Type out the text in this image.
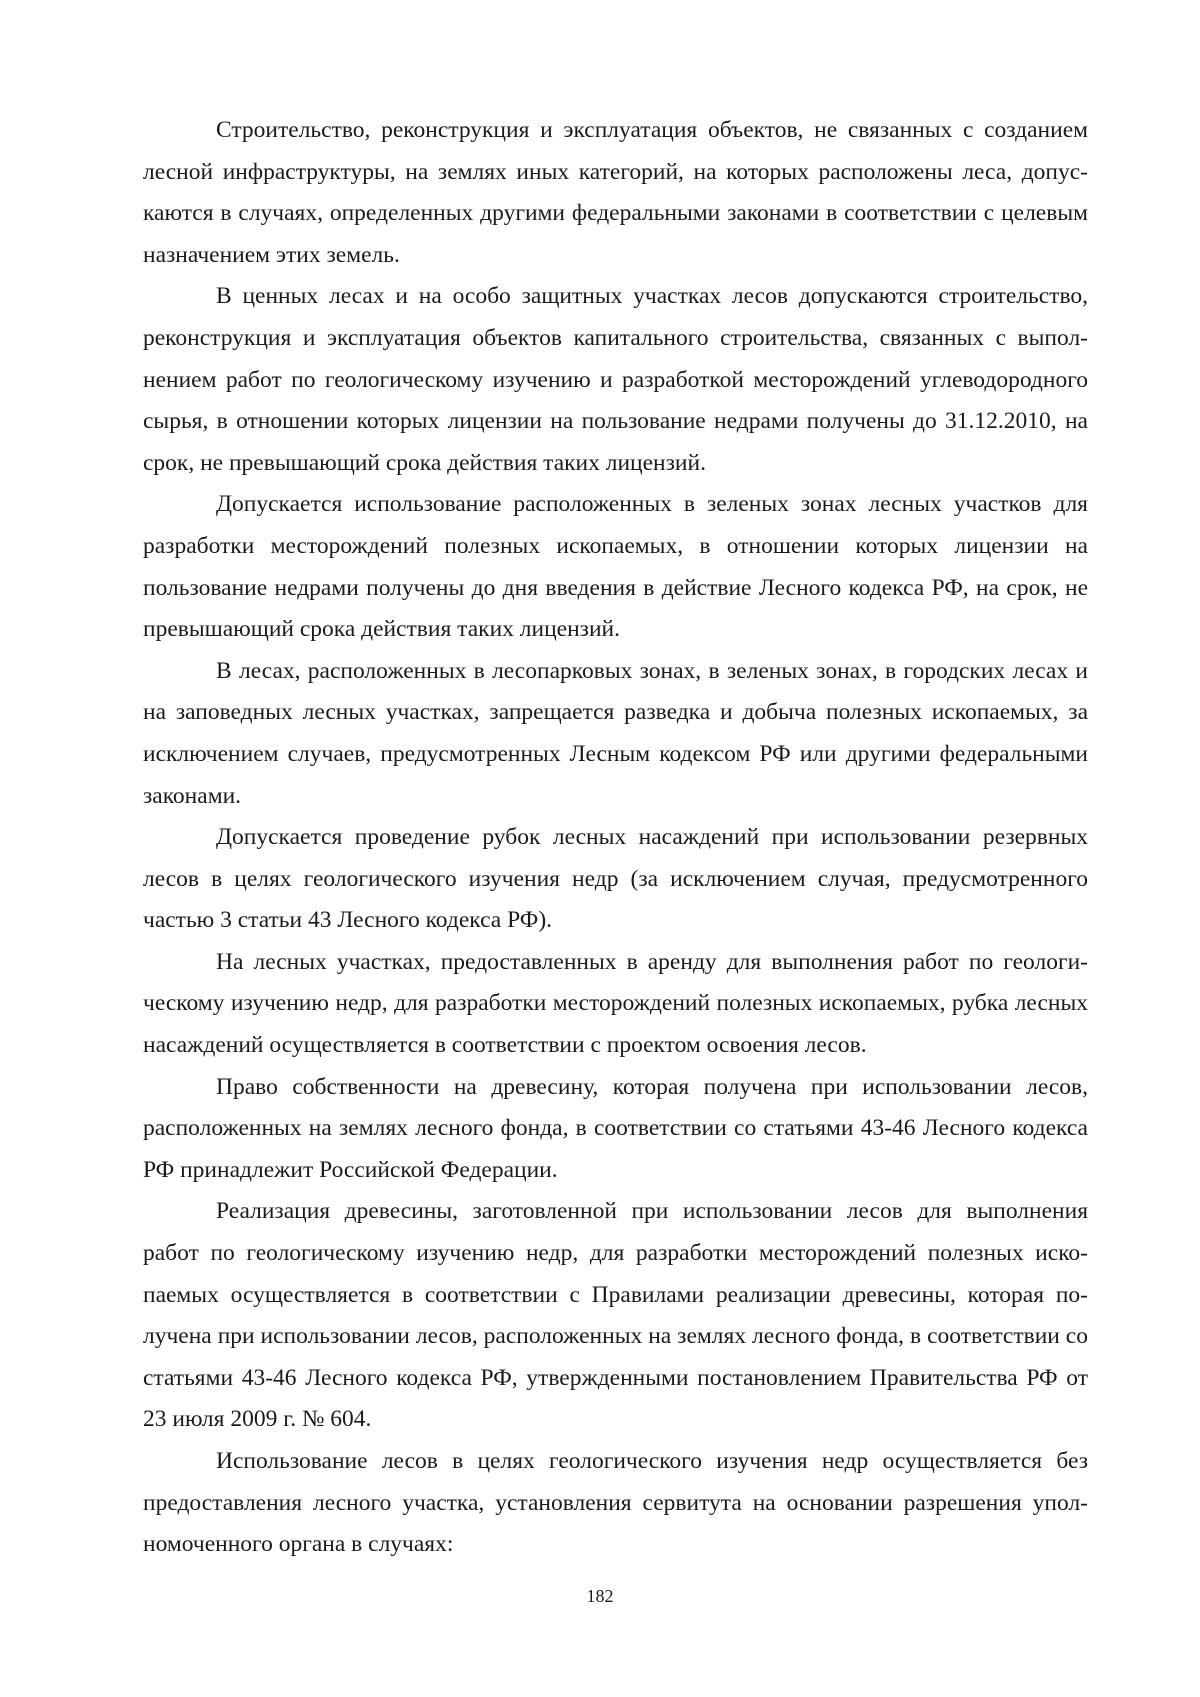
Строительство, реконструкция и эксплуатация объектов, не связанных с созданием лесной инфраструктуры, на землях иных категорий, на которых расположены леса, допускаются в случаях, определенных другими федеральными законами в соответствии с целевым назначением этих земель.

В ценных лесах и на особо защитных участках лесов допускаются строительство, реконструкция и эксплуатация объектов капитального строительства, связанных с выполнением работ по геологическому изучению и разработкой месторождений углеводородного сырья, в отношении которых лицензии на пользование недрами получены до 31.12.2010, на срок, не превышающий срока действия таких лицензий.

Допускается использование расположенных в зеленых зонах лесных участков для разработки месторождений полезных ископаемых, в отношении которых лицензии на пользование недрами получены до дня введения в действие Лесного кодекса РФ, на срок, не превышающий срока действия таких лицензий.

В лесах, расположенных в лесопарковых зонах, в зеленых зонах, в городских лесах и на заповедных лесных участках, запрещается разведка и добыча полезных ископаемых, за исключением случаев, предусмотренных Лесным кодексом РФ или другими федеральными законами.

Допускается проведение рубок лесных насаждений при использовании резервных лесов в целях геологического изучения недр (за исключением случая, предусмотренного частью 3 статьи 43 Лесного кодекса РФ).

На лесных участках, предоставленных в аренду для выполнения работ по геологическому изучению недр, для разработки месторождений полезных ископаемых, рубка лесных насаждений осуществляется в соответствии с проектом освоения лесов.

Право собственности на древесину, которая получена при использовании лесов, расположенных на землях лесного фонда, в соответствии со статьями 43-46 Лесного кодекса РФ принадлежит Российской Федерации.

Реализация древесины, заготовленной при использовании лесов для выполнения работ по геологическому изучению недр, для разработки месторождений полезных ископаемых осуществляется в соответствии с Правилами реализации древесины, которая получена при использовании лесов, расположенных на землях лесного фонда, в соответствии со статьями 43-46 Лесного кодекса РФ, утвержденными постановлением Правительства РФ от 23 июля 2009 г. № 604.

Использование лесов в целях геологического изучения недр осуществляется без предоставления лесного участка, установления сервитута на основании разрешения уполномоченного органа в случаях:

182
